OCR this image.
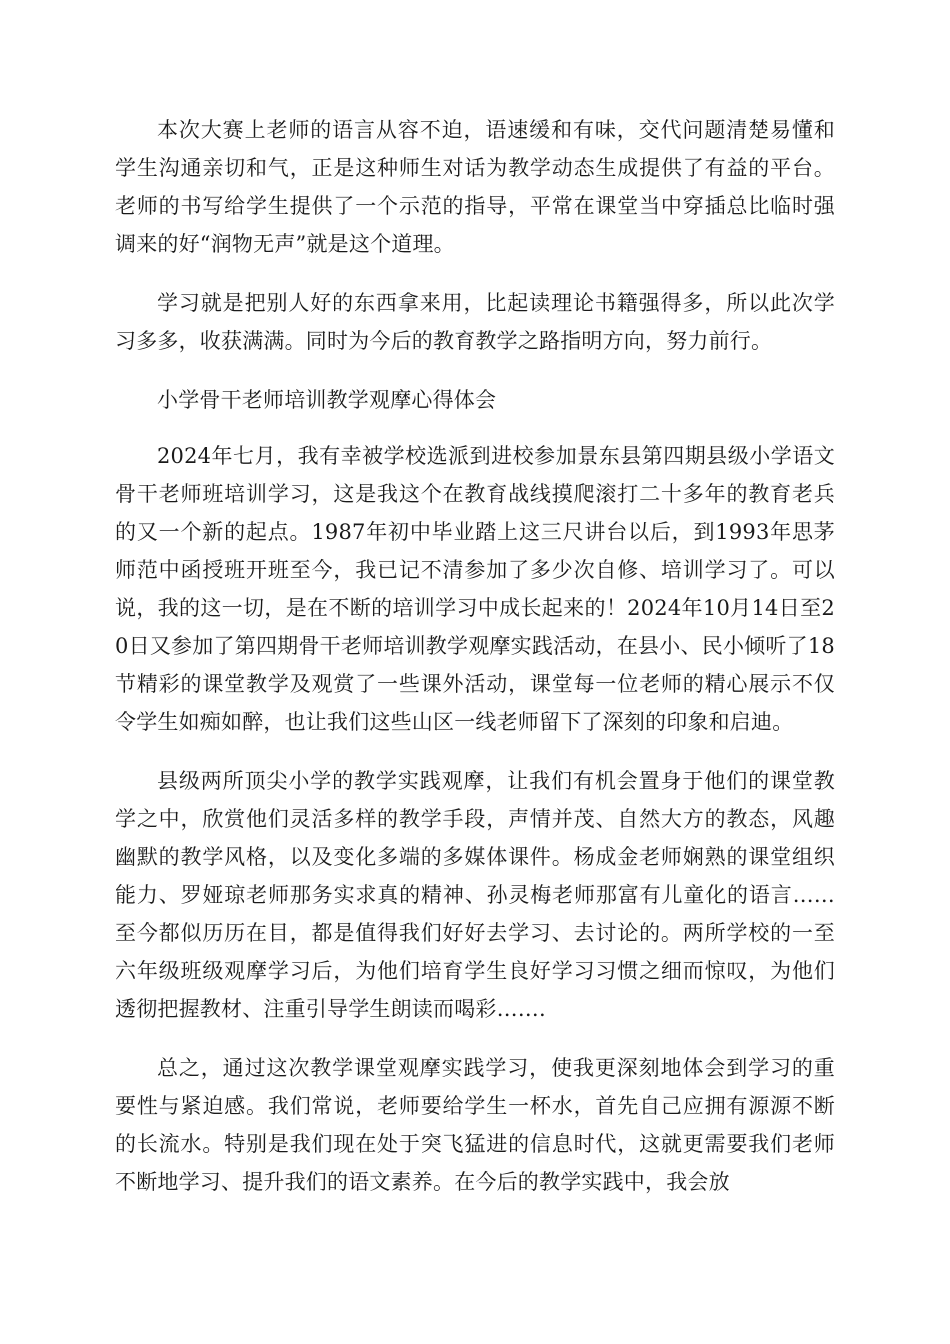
本次大赛上老师的语言从容不迫，语速缓和有味，交代问题清楚易懂和学生沟通亲切和气，正是这种师生对话为教学动态生成提供了有益的平台。老师的书写给学生提供了一个示范的指导，平常在课堂当中穿插总比临时强调来的好“润物无声”就是这个道理。

学习就是把别人好的东西拿来用，比起读理论书籍强得多，所以此次学习多多，收获满满。同时为今后的教育教学之路指明方向，努力前行。

小学骨干老师培训教学观摩心得体会

2024年七月，我有幸被学校选派到进校参加景东县第四期县级小学语文骨干老师班培训学习，这是我这个在教育战线摸爬滚打二十多年的教育老兵的又一个新的起点。1987年初中毕业踏上这三尺讲台以后，到1993年思茅师范中函授班开班至今，我已记不清参加了多少次自修、培训学习了。可以说，我的这一切，是在不断的培训学习中成长起来的！2024年10月14日至20日又参加了第四期骨干老师培训教学观摩实践活动，在县小、民小倾听了18节精彩的课堂教学及观赏了一些课外活动，课堂每一位老师的精心展示不仅令学生如痴如醉，也让我们这些山区一线老师留下了深刻的印象和启迪。

县级两所顶尖小学的教学实践观摩，让我们有机会置身于他们的课堂教学之中，欣赏他们灵活多样的教学手段，声情并茂、自然大方的教态，风趣幽默的教学风格，以及变化多端的多媒体课件。杨成金老师娴熟的课堂组织能力、罗娅琼老师那务实求真的精神、孙灵梅老师那富有儿童化的语言……至今都似历历在目，都是值得我们好好去学习、去讨论的。两所学校的一至六年级班级观摩学习后，为他们培育学生良好学习习惯之细而惊叹，为他们透彻把握教材、注重引导学生朗读而喝彩…….

总之，通过这次教学课堂观摩实践学习，使我更深刻地体会到学习的重要性与紧迫感。我们常说，老师要给学生一杯水，首先自己应拥有源源不断的长流水。特别是我们现在处于突飞猛进的信息时代，这就更需要我们老师不断地学习、提升我们的语文素养。在今后的教学实践中，我会放
